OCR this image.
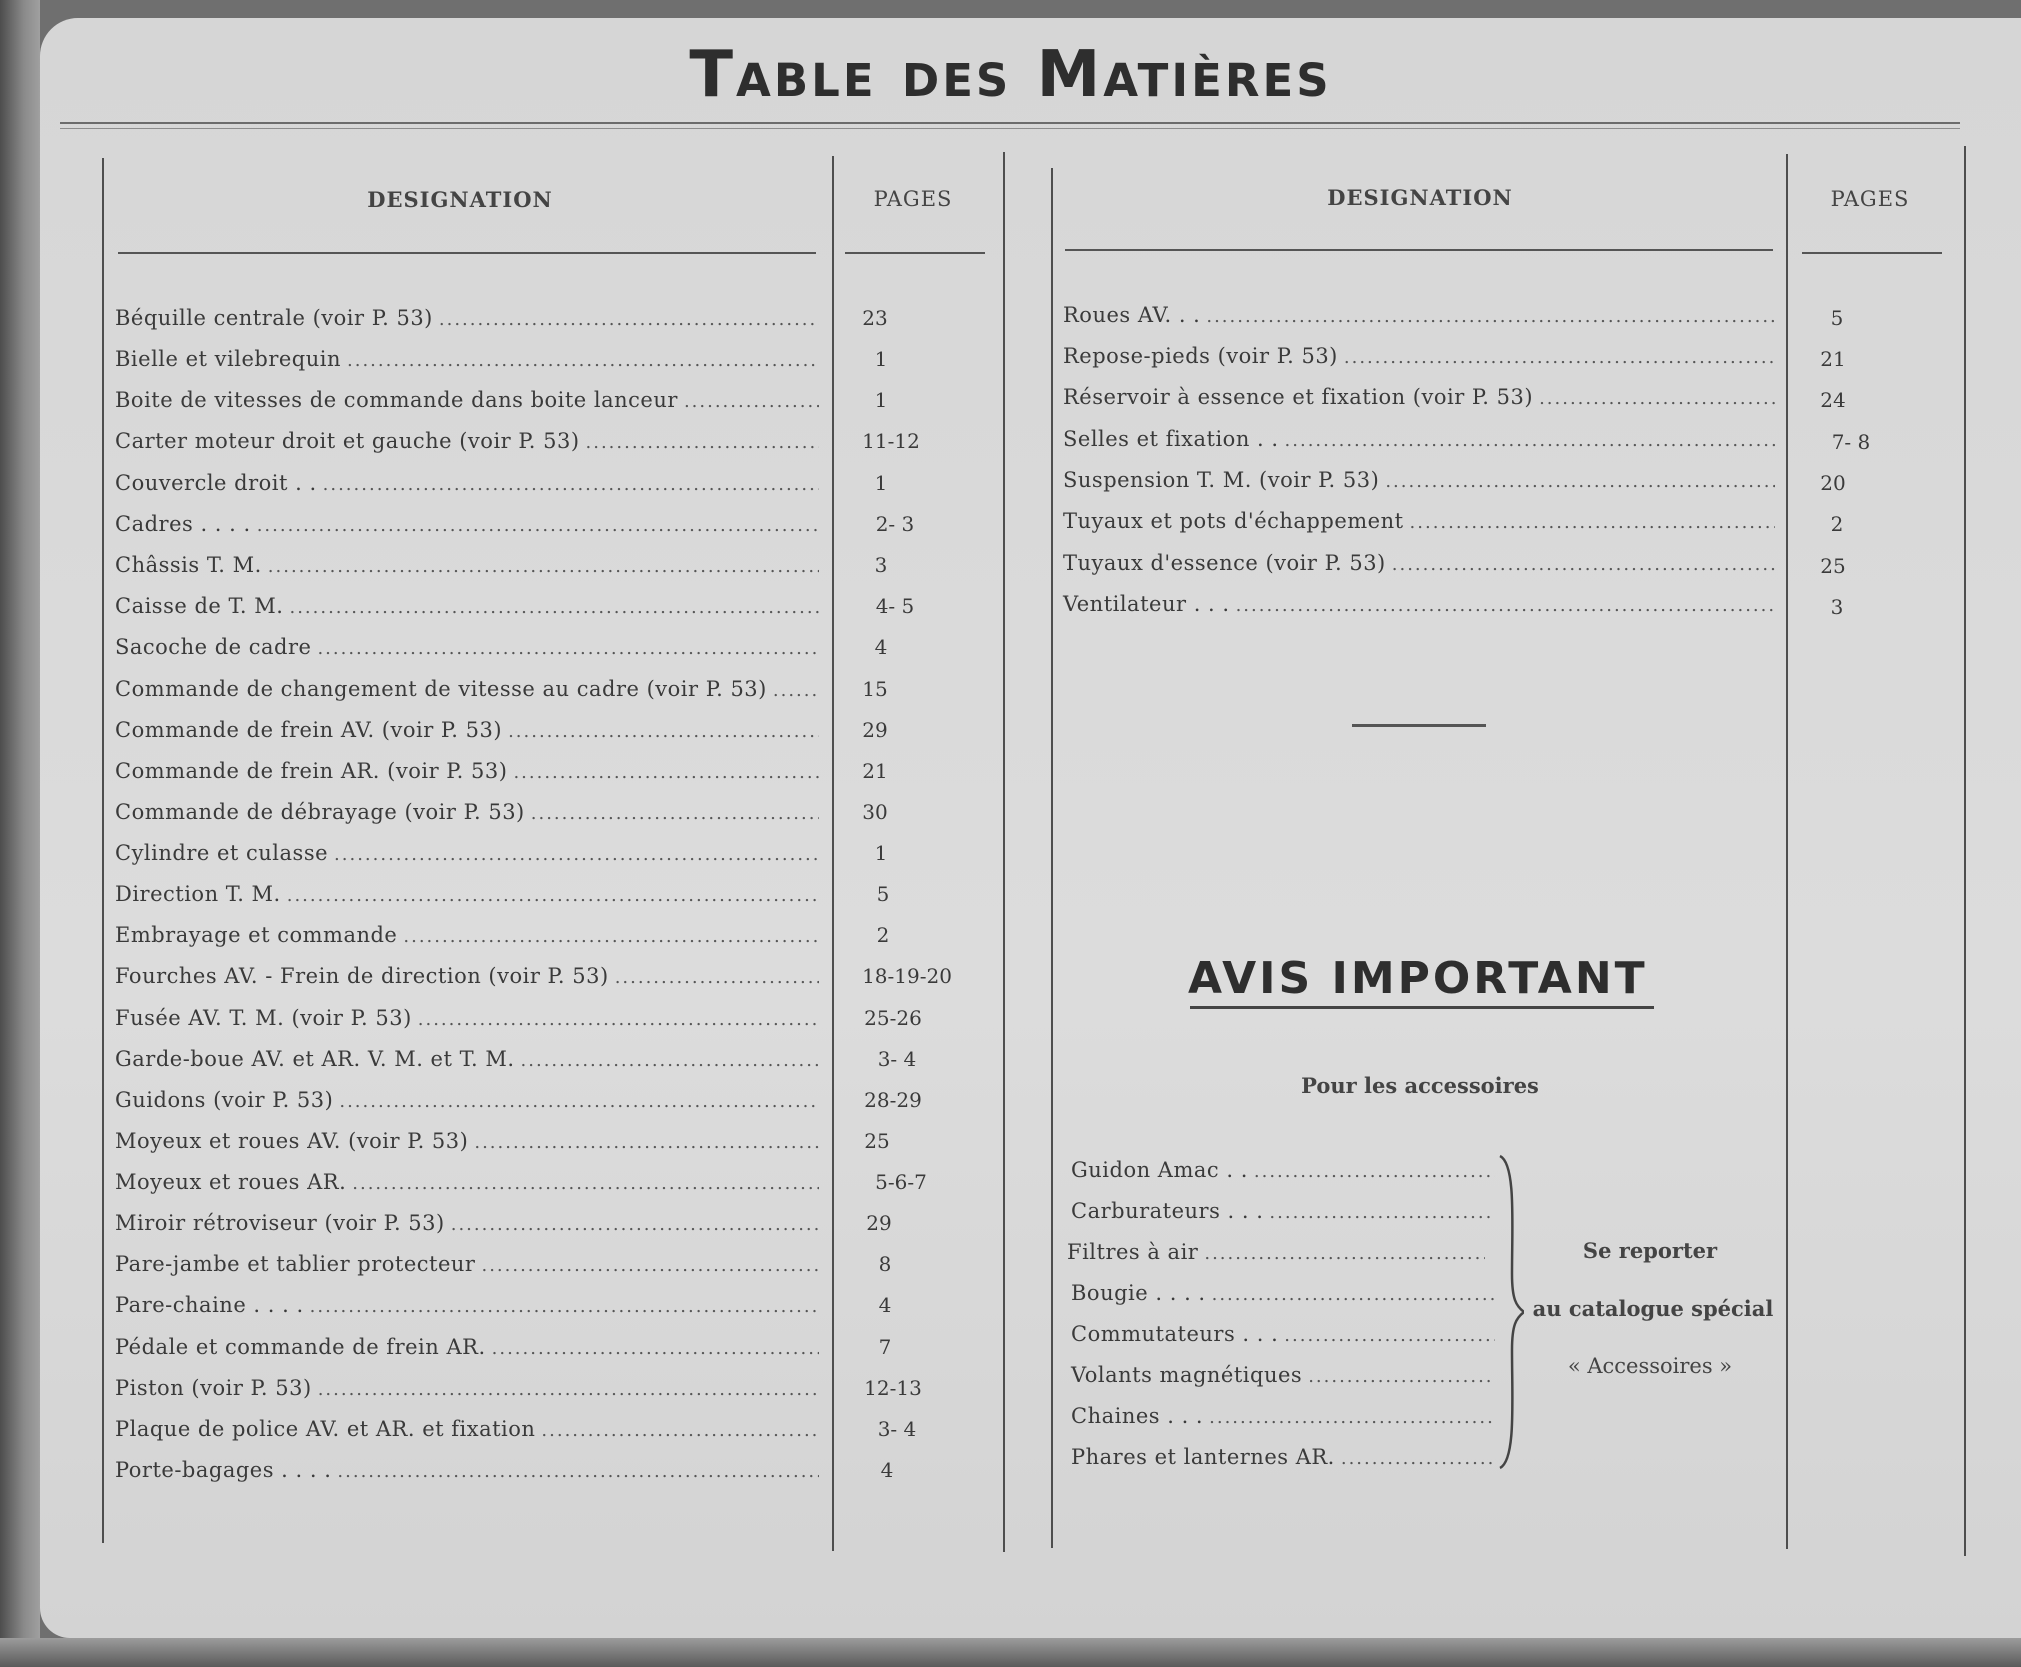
Table des Matières
DESIGNATION	PAGES	DESIGNATION	PAGES
Béquille centrale (voir P. 53) .....	23
Bielle et vilebrequin .....	1
Boite de vitesses de commande dans boite lanceur .....	1
Carter moteur droit et gauche (voir P. 53) .....	11-12
Couvercle droit . . .....	1
Cadres . . . . .....	2- 3
Châssis T. M. .....	3
Caisse de T. M. .....	4- 5
Sacoche de cadre .....	4
Commande de changement de vitesse au cadre (voir P. 53) .....	15
Commande de frein AV. (voir P. 53) .....	29
Commande de frein AR. (voir P. 53) .....	21
Commande de débrayage (voir P. 53) .....	30
Cylindre et culasse .....	1
Direction T. M. .....	5
Embrayage et commande .....	2
Fourches AV. - Frein de direction (voir P. 53) .....	18-19-20
Fusée AV. T. M. (voir P. 53) .....	25-26
Garde-boue AV. et AR. V. M. et T. M. .....	3- 4
Guidons (voir P. 53) .....	28-29
Moyeux et roues AV. (voir P. 53) .....	25
Moyeux et roues AR. .....	5-6-7
Miroir rétroviseur (voir P. 53) .....	29
Pare-jambe et tablier protecteur .....	8
Pare-chaine . . . . .....	4
Pédale et commande de frein AR. .....	7
Piston (voir P. 53) .....	12-13
Plaque de police AV. et AR. et fixation .....	3- 4
Porte-bagages . . . . .....	4
Roues AV. . . .....	5
Repose-pieds (voir P. 53) .....	21
Réservoir à essence et fixation (voir P. 53) .....	24
Selles et fixation . . .....	7- 8
Suspension T. M. (voir P. 53) .....	20
Tuyaux et pots d'échappement .....	2
Tuyaux d'essence (voir P. 53) .....	25
Ventilateur . . . .....	3
AVIS IMPORTANT
Pour les accessoires
Guidon Amac . .
.....
Carburateurs . . .
.....
Filtres à air
.....
Bougie . . . .
.....
Commutateurs . . .
.....
Volants magnétiques
.....
Chaines . . .
.....
Phares et lanternes AR.
.....
Se reporter
au catalogue spécial
« Accessoires »
